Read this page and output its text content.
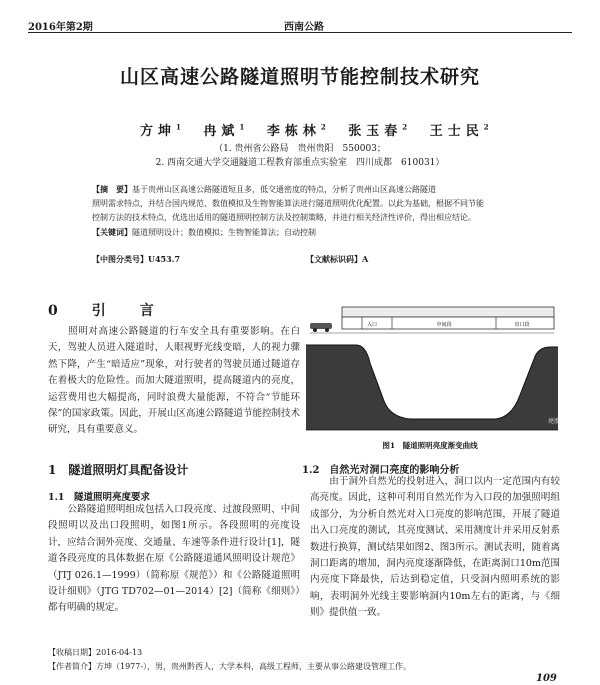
2016年第2期	西南公路
山区高速公路隧道照明节能控制技术研究
方坤$^1$ 冉斌$^1$ 李栋林$^2$ 张玉春$^2$ 王士民$^2$
（1. 贵州省公路局　贵州贵阳　550003；
2. 西南交通大学交通隧道工程教育部重点实验室　四川成都　610031）
【摘　要】基于贵州山区高速公路隧道短且多，低交通密度的特点，分析了贵州山区高速公路隧道
照明需求特点，并结合国内规范、数值模拟及生物智能算法进行隧道照明优化配置。以此为基础，根据不同节能
控制方法的技术特点，优选出适用的隧道照明控制方法及控制策略，并进行相关经济性评价，得出相应结论。
【关键词】隧道照明设计；数值模拟；生物智能算法；自动控制
【中图分类号】U453.7	【文献标识码】A
0　引　言
　　照明对高速公路隧道的行车安全具有重要影响。在白天，驾驶人员进入隧道时，人眼视野光线变暗，人的视力骤然下降，产生“暗适应”现象，对行驶者的驾驶员通过隧道存在着极大的危险性。而加大隧道照明，提高隧道内的亮度，运营费用也大幅提高，同时浪费大量能源，不符合“节能环保”的国家政策。因此，开展山区高速公路隧道节能控制技术研究，具有重要意义。
1　隧道照明灯具配备设计
1.1　隧道照明亮度要求
　　公路隧道照明组成包括入口段亮度、过渡段照明、中间段照明以及出口段照明，如图1所示。各段照明的亮度设计，应结合洞外亮度、交通量、车速等条件进行设计[1]，隧道各段亮度的具体数据在原《公路隧道通风照明设计规范》（JTJ 026.1—1999）（简称原《规范》）和《公路隧道照明设计细则》（JTG TD702—01—2014）[2]（简称《细则》）都有明确的规定。
入口	中间段	出口段
亮度
图1　隧道照明亮度渐变曲线
1.2　自然光对洞口亮度的影响分析
　　由于洞外自然光的投射进入，洞口以内一定范围内有较高亮度。因此，这种可利用自然光作为入口段的加强照明组成部分，为分析自然光对入口亮度的影响范围，开展了隧道出入口亮度的测试，其亮度测试、采用测度计并采用反射系数进行换算，测试结果如图2、图3所示。测试表明，随着离洞口距离的增加，洞内亮度逐渐降低，在距离洞口10m范围内亮度下降最快，后达到稳定值，只受洞内照明系统的影响，表明洞外光线主要影响洞内10m左右的距离，与《细则》提供值一致。
【收稿日期】2016-04-13
【作者简介】方坤（1977-），男，贵州黔西人，大学本科，高级工程师，主要从事公路建设管理工作。
109
